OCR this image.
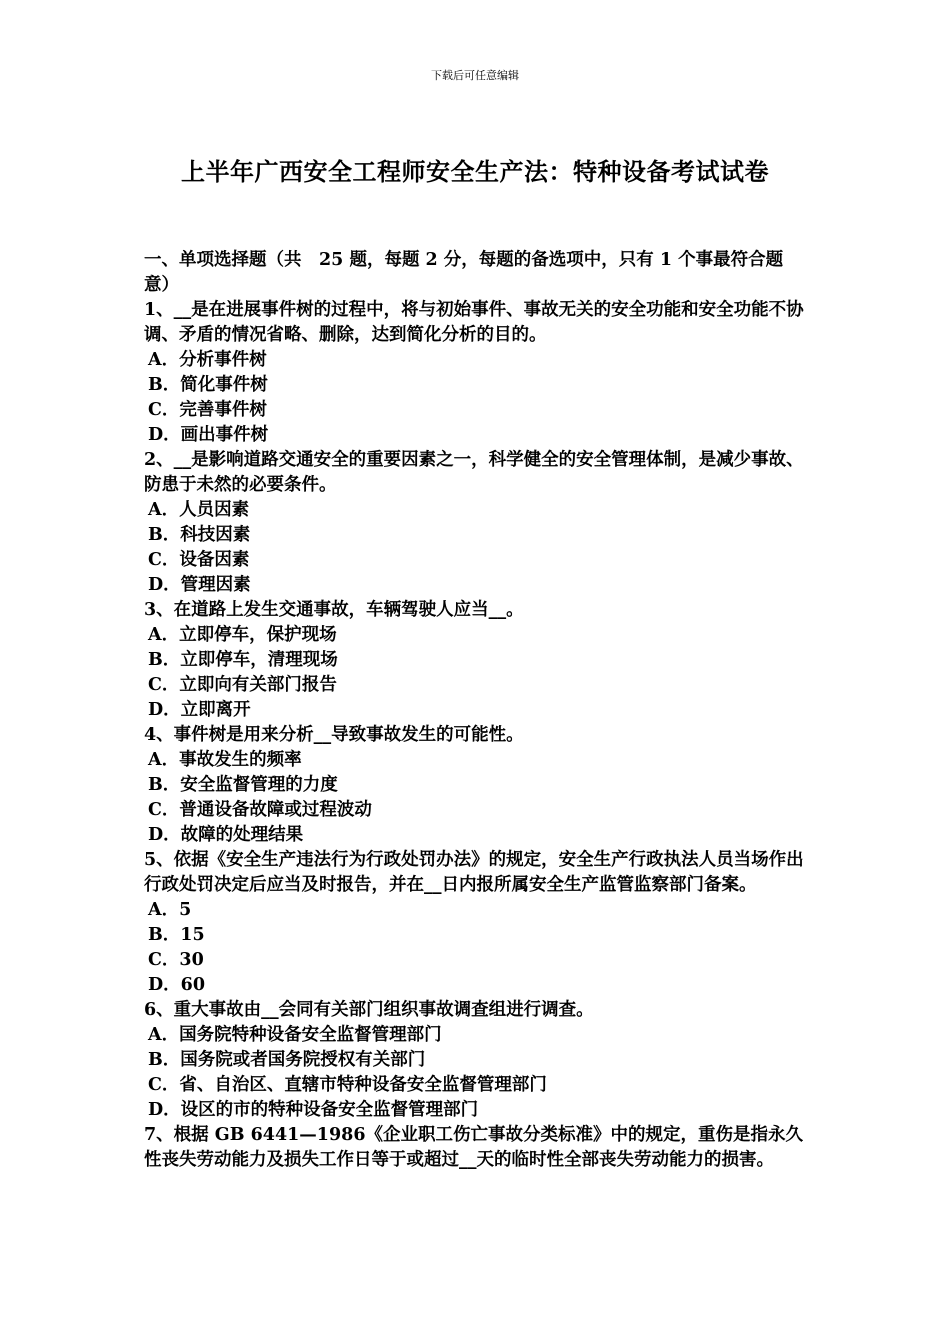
下载后可任意编辑
上半年广西安全工程师安全生产法：特种设备考试试卷

一、单项选择题（共　25 题，每题 2 分，每题的备选项中，只有 1 个事最符合题意）

1、__是在进展事件树的过程中，将与初始事件、事故无关的安全功能和安全功能不协调、矛盾的情况省略、删除，达到简化分析的目的。

A．分析事件树

B．简化事件树

C．完善事件树

D．画出事件树

2、__是影响道路交通安全的重要因素之一，科学健全的安全管理体制，是减少事故、防患于未然的必要条件。

A．人员因素

B．科技因素

C．设备因素

D．管理因素

3、在道路上发生交通事故，车辆驾驶人应当__。

A．立即停车，保护现场

B．立即停车，清理现场

C．立即向有关部门报告

D．立即离开

4、事件树是用来分析__导致事故发生的可能性。

A．事故发生的频率

B．安全监督管理的力度

C．普通设备故障或过程波动

D．故障的处理结果

5、依据《安全生产违法行为行政处罚办法》的规定，安全生产行政执法人员当场作出行政处罚决定后应当及时报告，并在__日内报所属安全生产监管监察部门备案。

A．5

B．15

C．30

D．60

6、重大事故由__会同有关部门组织事故调查组进行调查。

A．国务院特种设备安全监督管理部门

B．国务院或者国务院授权有关部门

C．省、自治区、直辖市特种设备安全监督管理部门

D．设区的市的特种设备安全监督管理部门

7、根据 GB 6441—1986《企业职工伤亡事故分类标准》中的规定，重伤是指永久性丧失劳动能力及损失工作日等于或超过__天的临时性全部丧失劳动能力的损害。
